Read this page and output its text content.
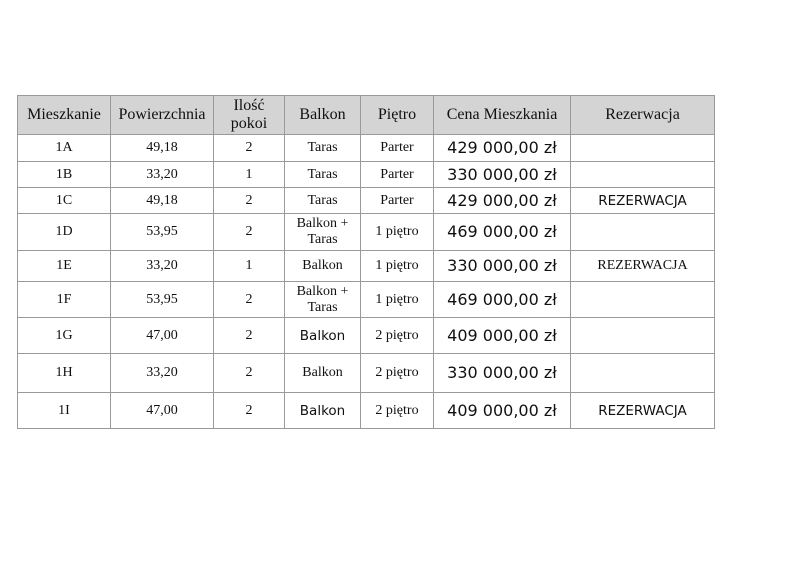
Mieszkanie	Powierzchnia	Ilość pokoi	Balkon	Piętro	Cena Mieszkania	Rezerwacja
1A	49,18	2	Taras	Parter	429 000,00 zł	
1B	33,20	1	Taras	Parter	330 000,00 zł	
1C	49,18	2	Taras	Parter	429 000,00 zł	REZERWACJA
1D	53,95	2	Balkon + Taras	1 piętro	469 000,00 zł	
1E	33,20	1	Balkon	1 piętro	330 000,00 zł	REZERWACJA
1F	53,95	2	Balkon + Taras	1 piętro	469 000,00 zł	
1G	47,00	2	Balkon	2 piętro	409 000,00 zł	
1H	33,20	2	Balkon	2 piętro	330 000,00 zł	
1I	47,00	2	Balkon	2 piętro	409 000,00 zł	REZERWACJA
